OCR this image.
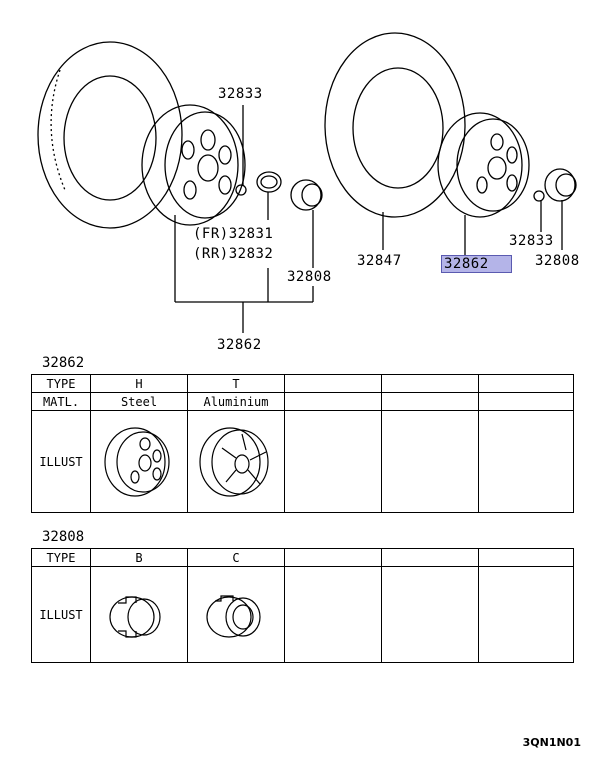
32833
(FR)32831
(RR)32832
32808
32862
32847	32862
32833
32808
32862
TYPE	H	T			
MATL.	Steel	Aluminium			
ILLUST	

32808
TYPE	B	C			
ILLUST	

3QN1N01
